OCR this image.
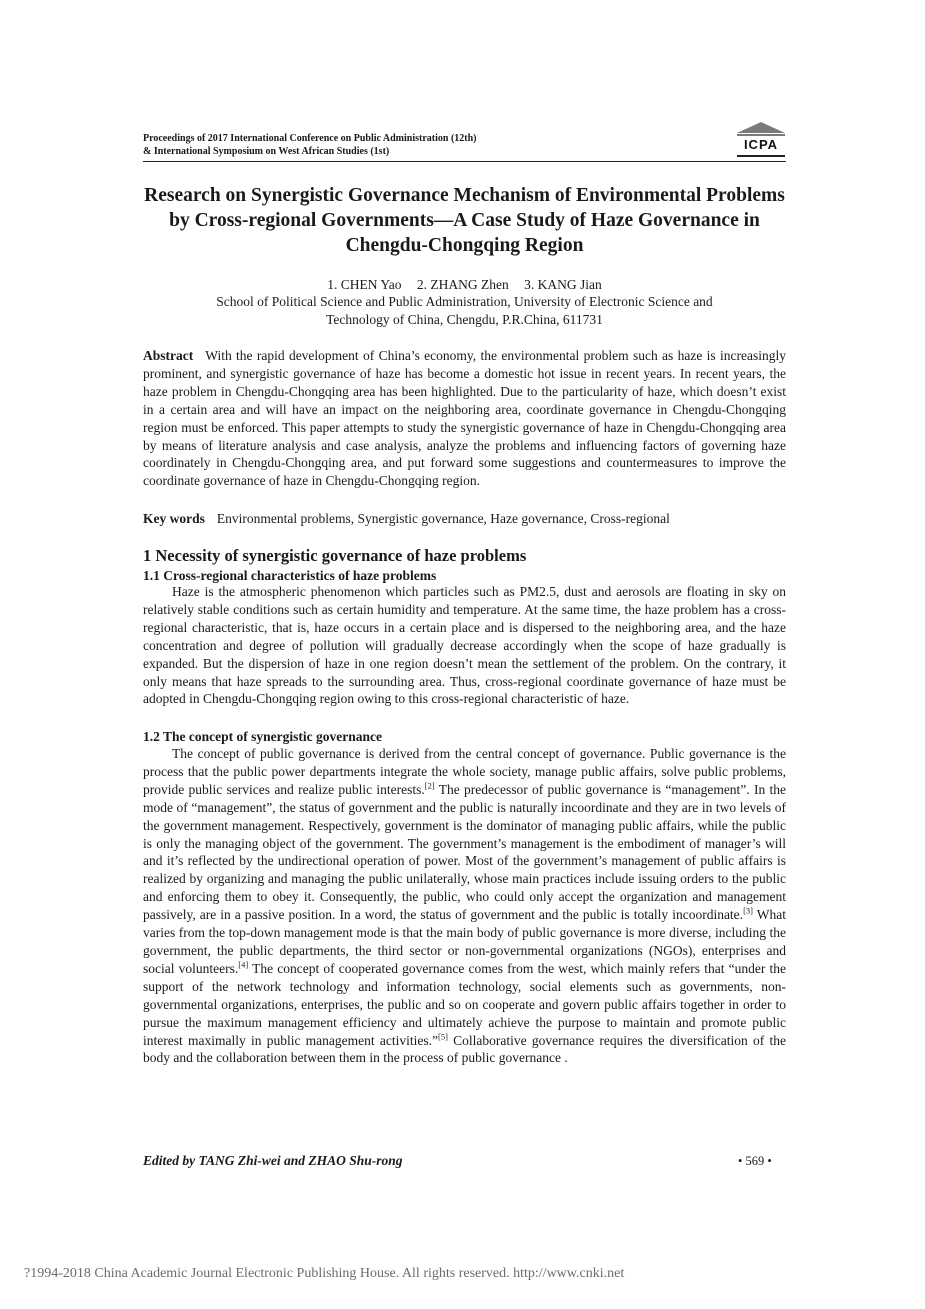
Proceedings of 2017 International Conference on Public Administration (12th)
& International Symposium on West African Studies (1st)	ICPA
Research on Synergistic Governance Mechanism of Environmental Problems by Cross-regional Governments—A Case Study of Haze Governance in Chengdu-Chongqing Region
1. CHEN Yao 2. ZHANG Zhen 3. KANG Jian
School of Political Science and Public Administration, University of Electronic Science and
Technology of China, Chengdu, P.R.China, 611731
Abstract With the rapid development of China’s economy, the environmental problem such as haze is increasingly prominent, and synergistic governance of haze has become a domestic hot issue in recent years. In recent years, the haze problem in Chengdu-Chongqing area has been highlighted. Due to the particularity of haze, which doesn’t exist in a certain area and will have an impact on the neighboring area, coordinate governance in Chengdu-Chongqing region must be enforced. This paper attempts to study the synergistic governance of haze in Chengdu-Chongqing area by means of literature analysis and case analysis, analyze the problems and influencing factors of governing haze coordinately in Chengdu-Chongqing area, and put forward some suggestions and countermeasures to improve the coordinate governance of haze in Chengdu-Chongqing region.
Key words Environmental problems, Synergistic governance, Haze governance, Cross-regional
1 Necessity of synergistic governance of haze problems
1.1 Cross-regional characteristics of haze problems
Haze is the atmospheric phenomenon which particles such as PM2.5, dust and aerosols are floating in sky on relatively stable conditions such as certain humidity and temperature. At the same time, the haze problem has a cross-regional characteristic, that is, haze occurs in a certain place and is dispersed to the neighboring area, and the haze concentration and degree of pollution will gradually decrease accordingly when the scope of haze gradually is expanded. But the dispersion of haze in one region doesn’t mean the settlement of the problem. On the contrary, it only means that haze spreads to the surrounding area. Thus, cross-regional coordinate governance of haze must be adopted in Chengdu-Chongqing region owing to this cross-regional characteristic of haze.
1.2 The concept of synergistic governance
The concept of public governance is derived from the central concept of governance. Public governance is the process that the public power departments integrate the whole society, manage public affairs, solve public problems, provide public services and realize public interests.[2] The predecessor of public governance is “management”. In the mode of “management”, the status of government and the public is naturally incoordinate and they are in two levels of the government management. Respectively, government is the dominator of managing public affairs, while the public is only the managing object of the government. The government’s management is the embodiment of manager’s will and it’s reflected by the undirectional operation of power. Most of the government’s management of public affairs is realized by organizing and managing the public unilaterally, whose main practices include issuing orders to the public and enforcing them to obey it. Consequently, the public, who could only accept the organization and management passively, are in a passive position. In a word, the status of government and the public is totally incoordinate.[3] What varies from the top-down management mode is that the main body of public governance is more diverse, including the government, the public departments, the third sector or non-governmental organizations (NGOs), enterprises and social volunteers.[4] The concept of cooperated governance comes from the west, which mainly refers that “under the support of the network technology and information technology, social elements such as governments, non-governmental organizations, enterprises, the public and so on cooperate and govern public affairs together in order to pursue the maximum management efficiency and ultimately achieve the purpose to maintain and promote public interest maximally in public management activities.”[5] Collaborative governance requires the diversification of the body and the collaboration between them in the process of public governance .
Edited by TANG Zhi-wei and ZHAO Shu-rong	• 569 •
?1994-2018 China Academic Journal Electronic Publishing House. All rights reserved. http://www.cnki.net
